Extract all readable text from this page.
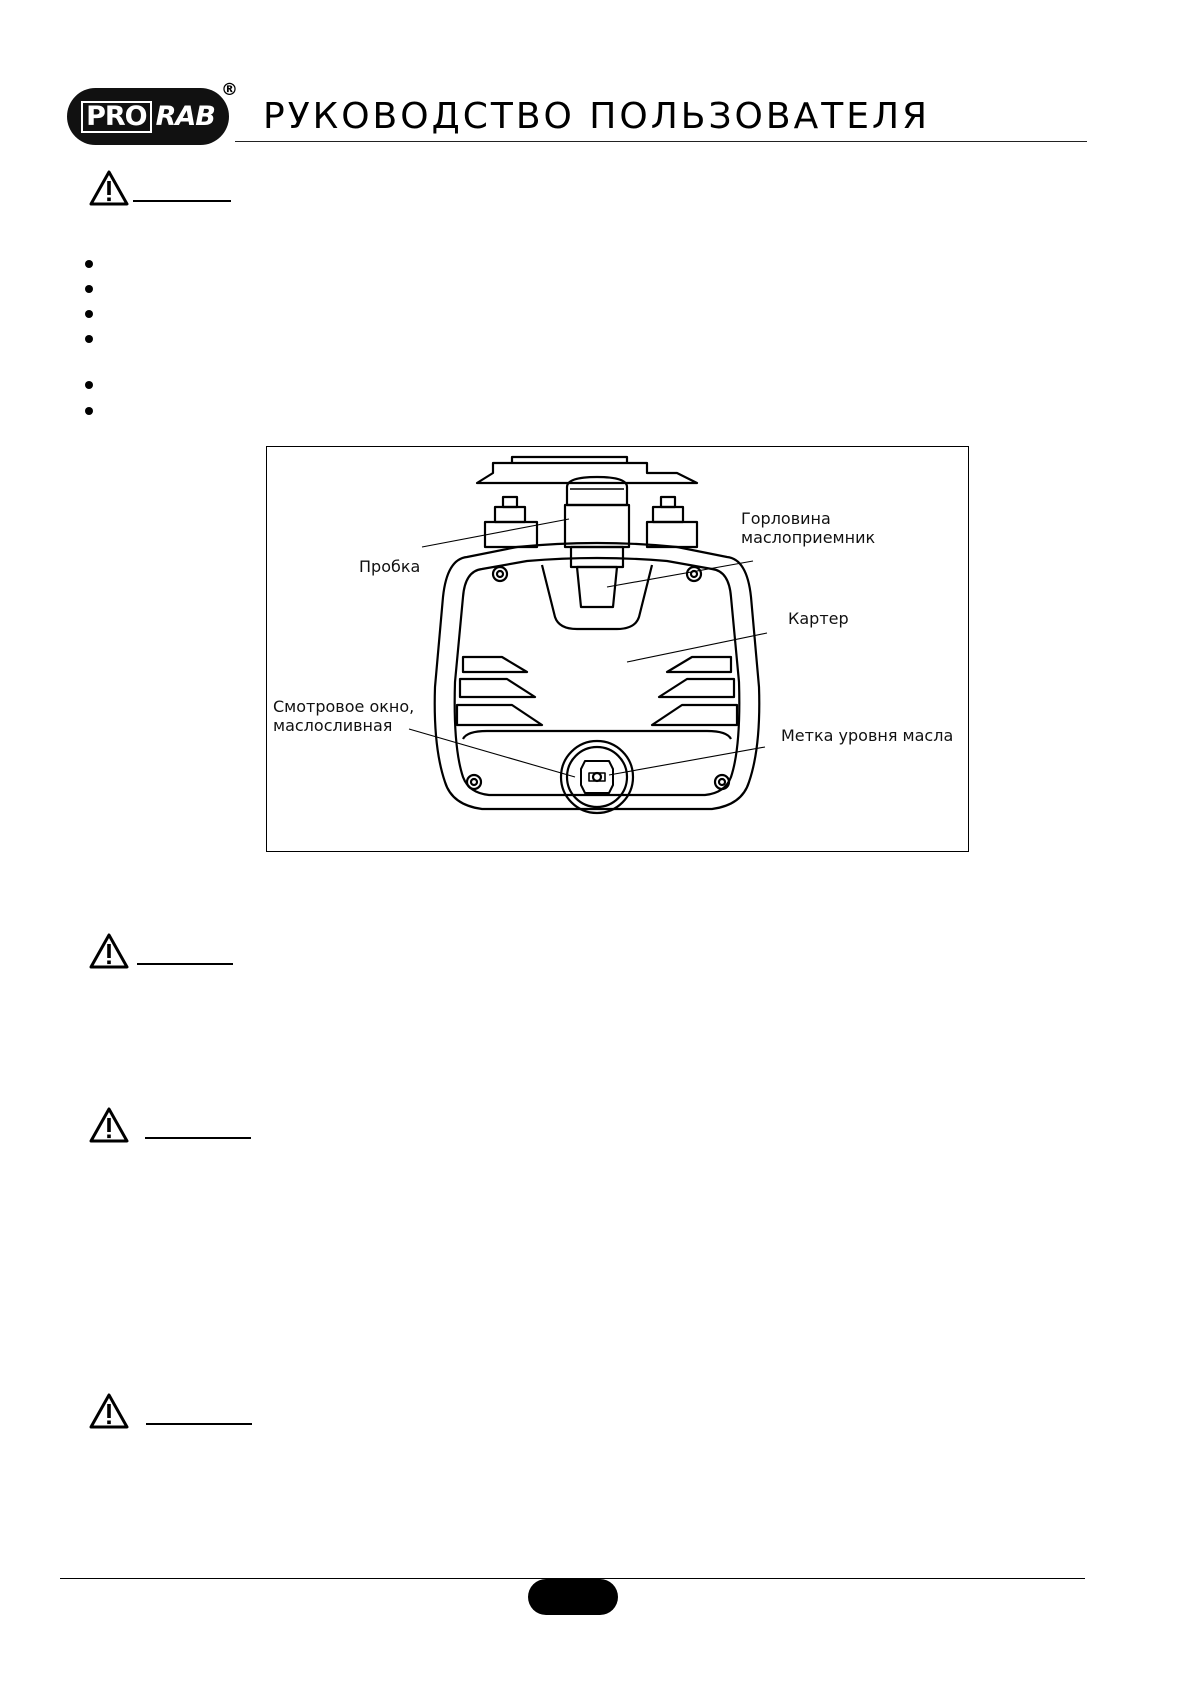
PRO RAB
®
РУКОВОДСТВО ПОЛЬЗОВАТЕЛЯ
Пробка
Горловина
маслоприемник
Картер
Смотровое окно,
маслосливная
Метка уровня масла
